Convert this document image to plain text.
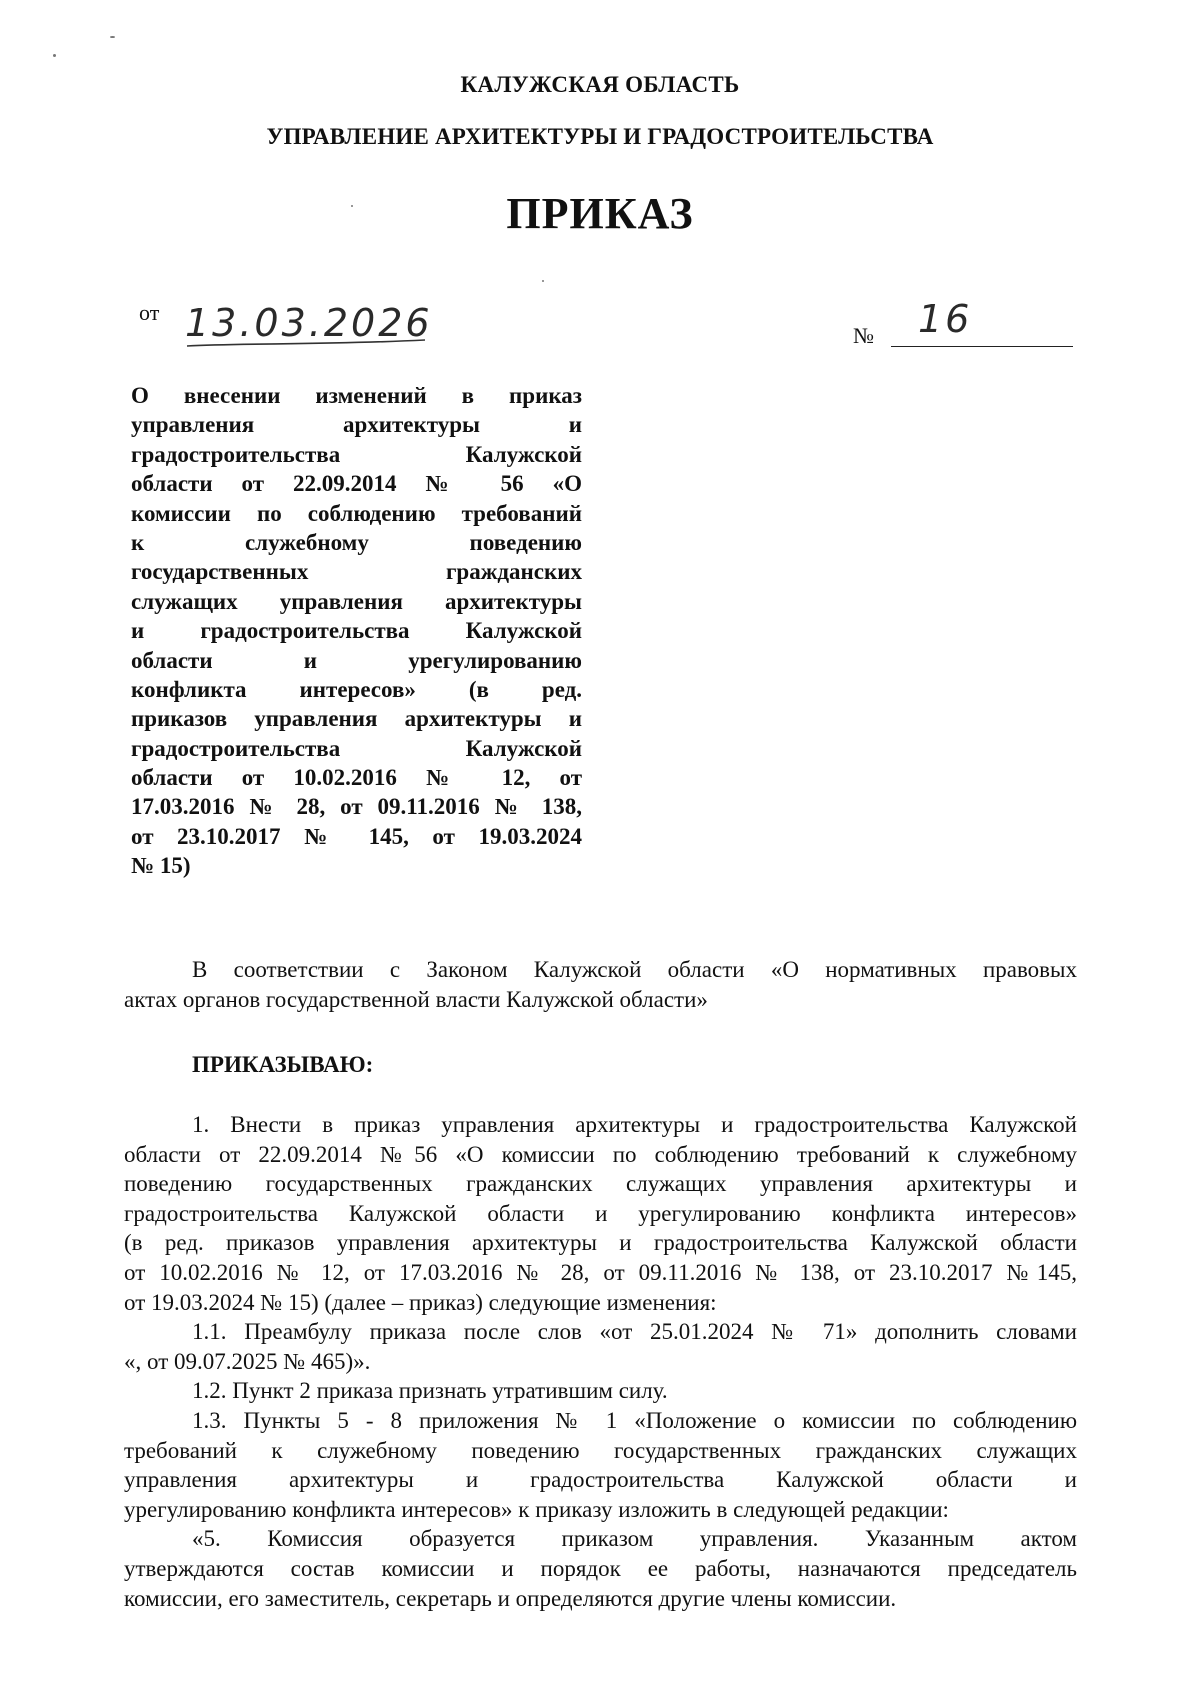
КАЛУЖСКАЯ ОБЛАСТЬ
УПРАВЛЕНИЕ АРХИТЕКТУРЫ И ГРАДОСТРОИТЕЛЬСТВА
ПРИКАЗ
от 13.03.2026	№ 16
О внесении изменений в приказ
управления архитектуры и
градостроительства Калужской
области от 22.09.2014 № 56 «О
комиссии по соблюдению требований
к служебному поведению
государственных гражданских
служащих управления архитектуры
и градостроительства Калужской
области и урегулированию
конфликта интересов» (в ред.
приказов управления архитектуры и
градостроительства Калужской
области от 10.02.2016 № 12, от
17.03.2016 № 28, от 09.11.2016 № 138,
от 23.10.2017 № 145, от 19.03.2024
№ 15)
В соответствии с Законом Калужской области «О нормативных правовых
актах органов государственной власти Калужской области»
ПРИКАЗЫВАЮ:
1. Внести в приказ управления архитектуры и градостроительства Калужской
области от 22.09.2014 №56 «О комиссии по соблюдению требований к служебному
поведению государственных гражданских служащих управления архитектуры и
градостроительства Калужской области и урегулированию конфликта интересов»
(в ред. приказов управления архитектуры и градостроительства Калужской области
от 10.02.2016 № 12, от 17.03.2016 № 28, от 09.11.2016 № 138, от 23.10.2017 №145,
от 19.03.2024 № 15) (далее – приказ) следующие изменения:
1.1. Преамбулу приказа после слов «от 25.01.2024 № 71» дополнить словами
«, от 09.07.2025 № 465)».
1.2. Пункт 2 приказа признать утратившим силу.
1.3. Пункты 5 - 8 приложения № 1 «Положение о комиссии по соблюдению
требований к служебному поведению государственных гражданских служащих
управления архитектуры и градостроительства Калужской области и
урегулированию конфликта интересов» к приказу изложить в следующей редакции:
«5. Комиссия образуется приказом управления. Указанным актом
утверждаются состав комиссии и порядок ее работы, назначаются председатель
комиссии, его заместитель, секретарь и определяются другие члены комиссии.
